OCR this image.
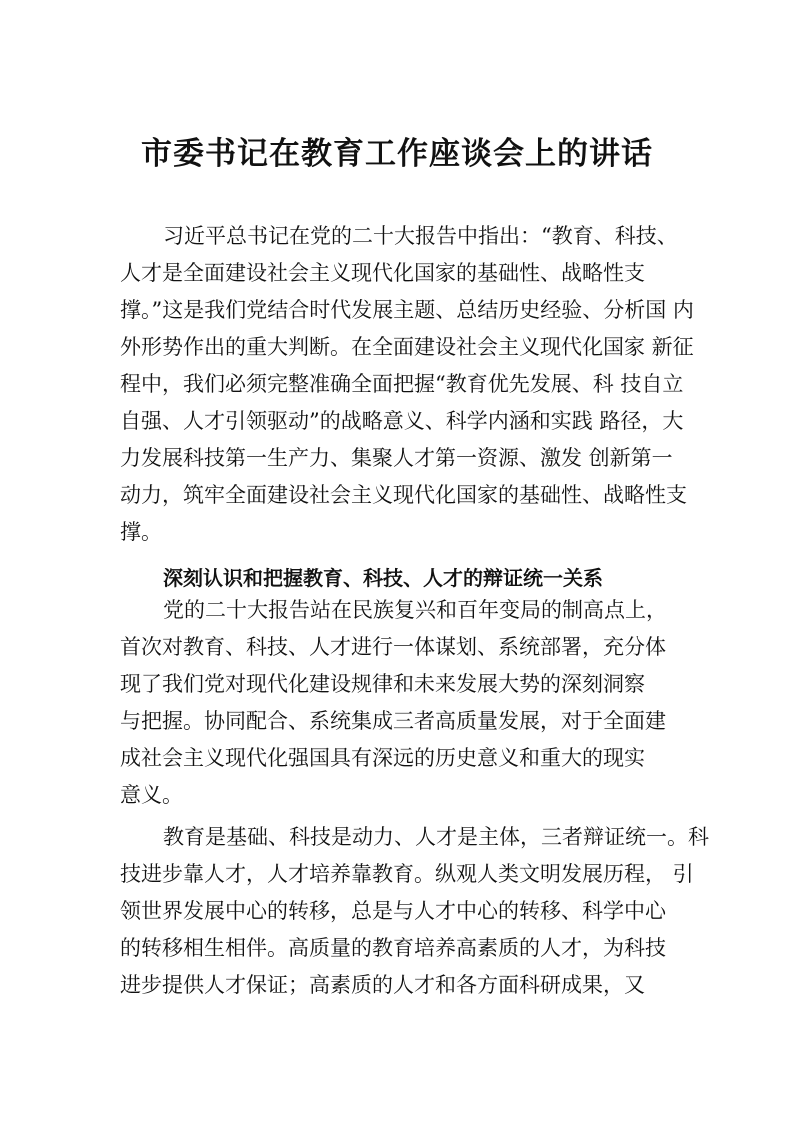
市委书记在教育工作座谈会上的讲话
习近平总书记在党的二十大报告中指出：“教育、科技、
人才是全面建设社会主义现代化国家的基础性、战略性支
撑。”这是我们党结合时代发展主题、总结历史经验、分析国 内
外形势作出的重大判断。在全面建设社会主义现代化国家 新征
程中，我们必须完整准确全面把握“教育优先发展、科 技自立
自强、人才引领驱动”的战略意义、科学内涵和实践 路径，大
力发展科技第一生产力、集聚人才第一资源、激发 创新第一
动力，筑牢全面建设社会主义现代化国家的基础性、战略性支
撑。
深刻认识和把握教育、科技、人才的辩证统一关系
党的二十大报告站在民族复兴和百年变局的制高点上，
首次对教育、科技、人才进行一体谋划、系统部署，充分体
现了我们党对现代化建设规律和未来发展大势的深刻洞察
与把握。协同配合、系统集成三者高质量发展，对于全面建
成社会主义现代化强国具有深远的历史意义和重大的现实
意义。
教育是基础、科技是动力、人才是主体，三者辩证统一。科
技进步靠人才，人才培养靠教育。纵观人类文明发展历程， 引
领世界发展中心的转移，总是与人才中心的转移、科学中心
的转移相生相伴。高质量的教育培养高素质的人才，为科技
进步提供人才保证；高素质的人才和各方面科研成果，又
